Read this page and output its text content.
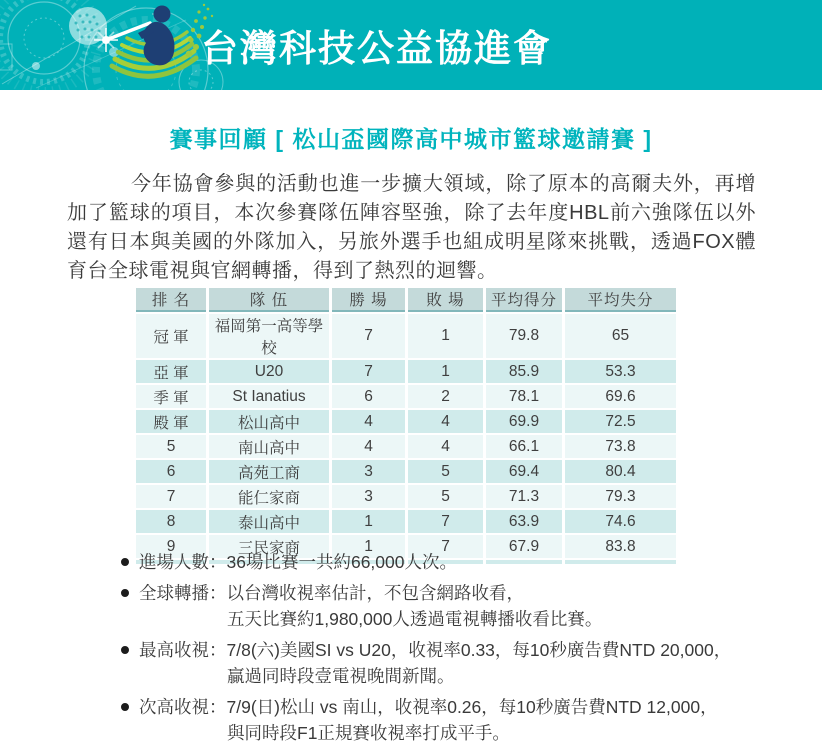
台灣科技公益協進會
賽事回顧 [ 松山盃國際高中城市籃球邀請賽 ]

今年協會參與的活動也進一步擴大領域，除了原本的高爾夫外，再增加了籃球的項目，本次參賽隊伍陣容堅強，除了去年度HBL前六強隊伍以外還有日本與美國的外隊加入，另旅外選手也組成明星隊來挑戰，透過FOX體育台全球電視與官網轉播，得到了熱烈的迴響。

排 名	隊 伍	勝 場	敗 場	平均得分	平均失分
冠 軍	福岡第一高等學校	7	1	79.8	65
亞 軍	U20	7	1	85.9	53.3
季 軍	St Ianatius	6	2	78.1	69.6
殿 軍	松山高中	4	4	69.9	72.5
5	南山高中	4	4	66.1	73.8
6	高苑工商	3	5	69.4	80.4
7	能仁家商	3	5	71.3	79.3
8	泰山高中	1	7	63.9	74.6
9	三民家商	1	7	67.9	83.8

進場人數：36場比賽一共約66,000人次。
全球轉播：以台灣收視率估計，不包含網路收看，
五天比賽約1,980,000人透過電視轉播收看比賽。
最高收視：7/8(六)美國SI vs U20，收視率0.33，每10秒廣告費NTD 20,000，
贏過同時段壹電視晚間新聞。
次高收視：7/9(日)松山 vs 南山，收視率0.26，每10秒廣告費NTD 12,000，
與同時段F1正規賽收視率打成平手。
